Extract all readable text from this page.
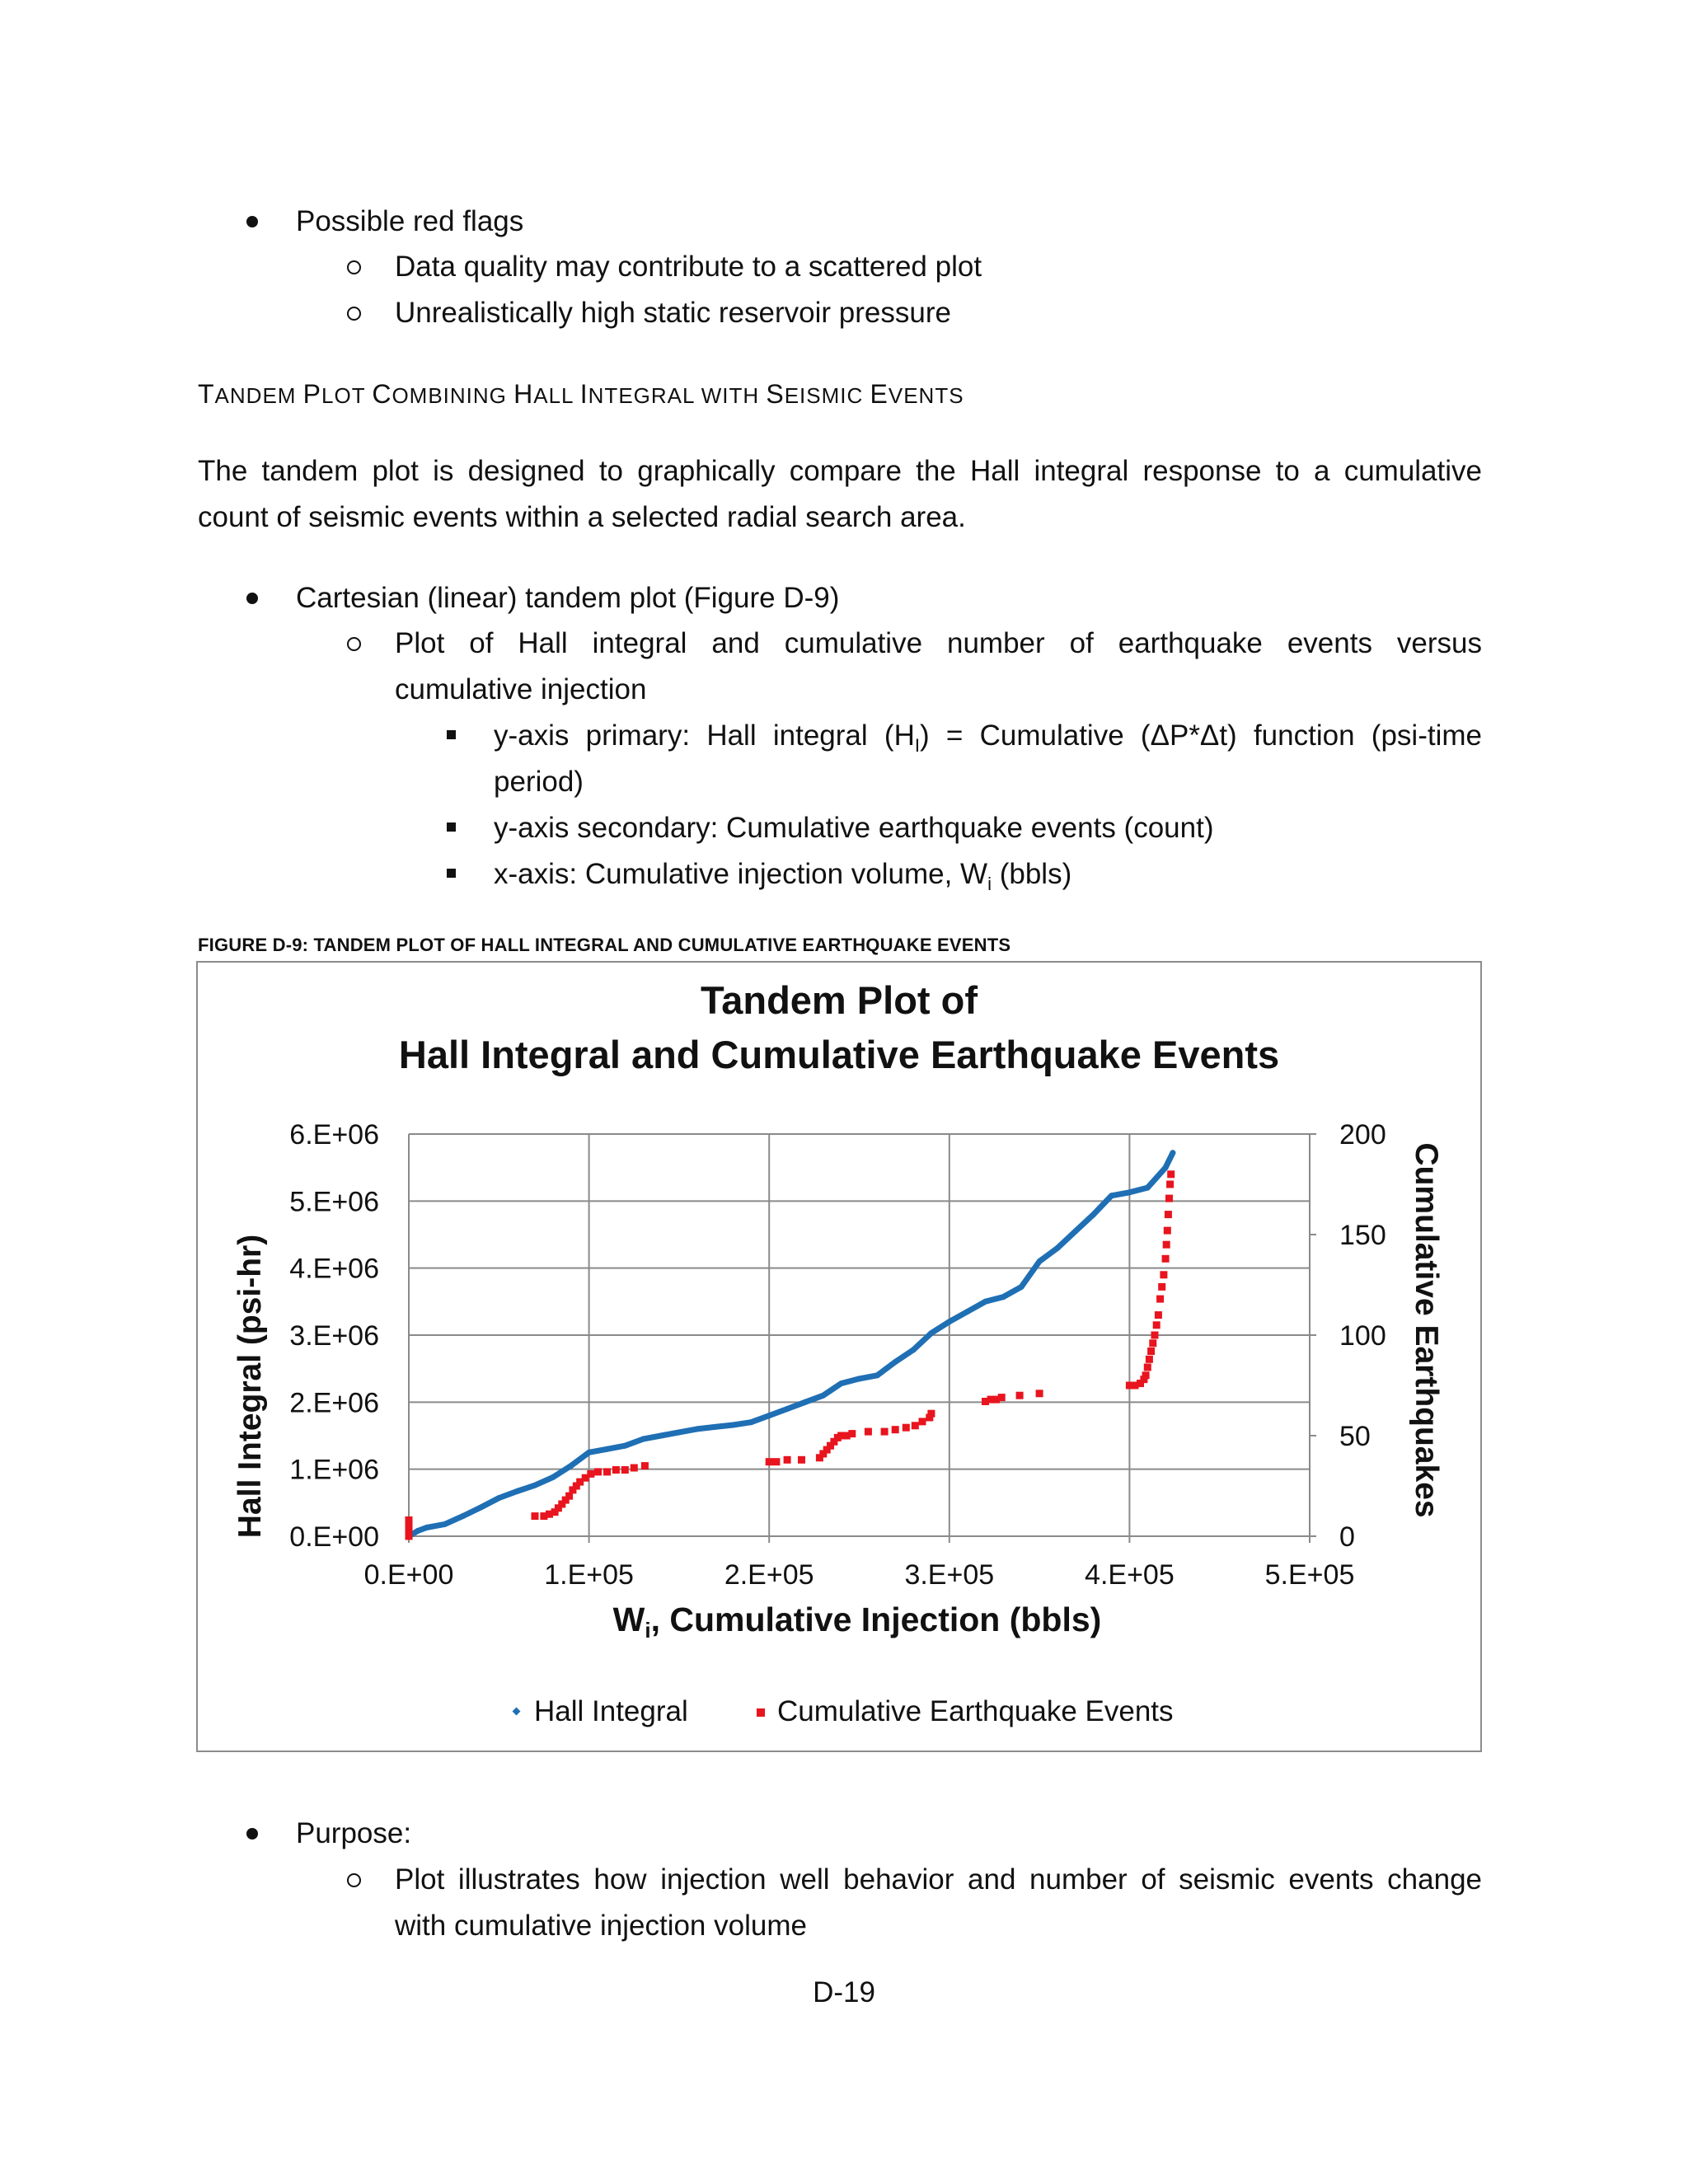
Possible red flags
Data quality may contribute to a scattered plot
Unrealistically high static reservoir pressure
TANDEM PLOT COMBINING HALL INTEGRAL WITH SEISMIC EVENTS
The tandem plot is designed to graphically compare the Hall integral response to a cumulative
count of seismic events within a selected radial search area.
Cartesian (linear) tandem plot (Figure D-9)
Plot of Hall integral and cumulative number of earthquake events versus
cumulative injection
y-axis primary: Hall integral $(H_I)$ = Cumulative (ΔP*Δt) function (psi-time
period)
y-axis secondary: Cumulative earthquake events (count)
x-axis: Cumulative injection volume, $W_i$ (bbls)
FIGURE D-9: TANDEM PLOT OF HALL INTEGRAL AND CUMULATIVE EARTHQUAKE EVENTS
Tandem Plot of
Hall Integral and Cumulative Earthquake Events
0.E+00
1.E+06
2.E+06
3.E+06
4.E+06
5.E+06
6.E+06
0.E+00	1.E+05	2.E+05	3.E+05	4.E+05	5.E+05
0
50
100
150
200
Hall Integral (psi-hr)	Cumulative Earthquakes
Wi, Cumulative Injection (bbls)
Hall Integral	Cumulative Earthquake Events
Purpose:
Plot illustrates how injection well behavior and number of seismic events change
with cumulative injection volume
D-19
